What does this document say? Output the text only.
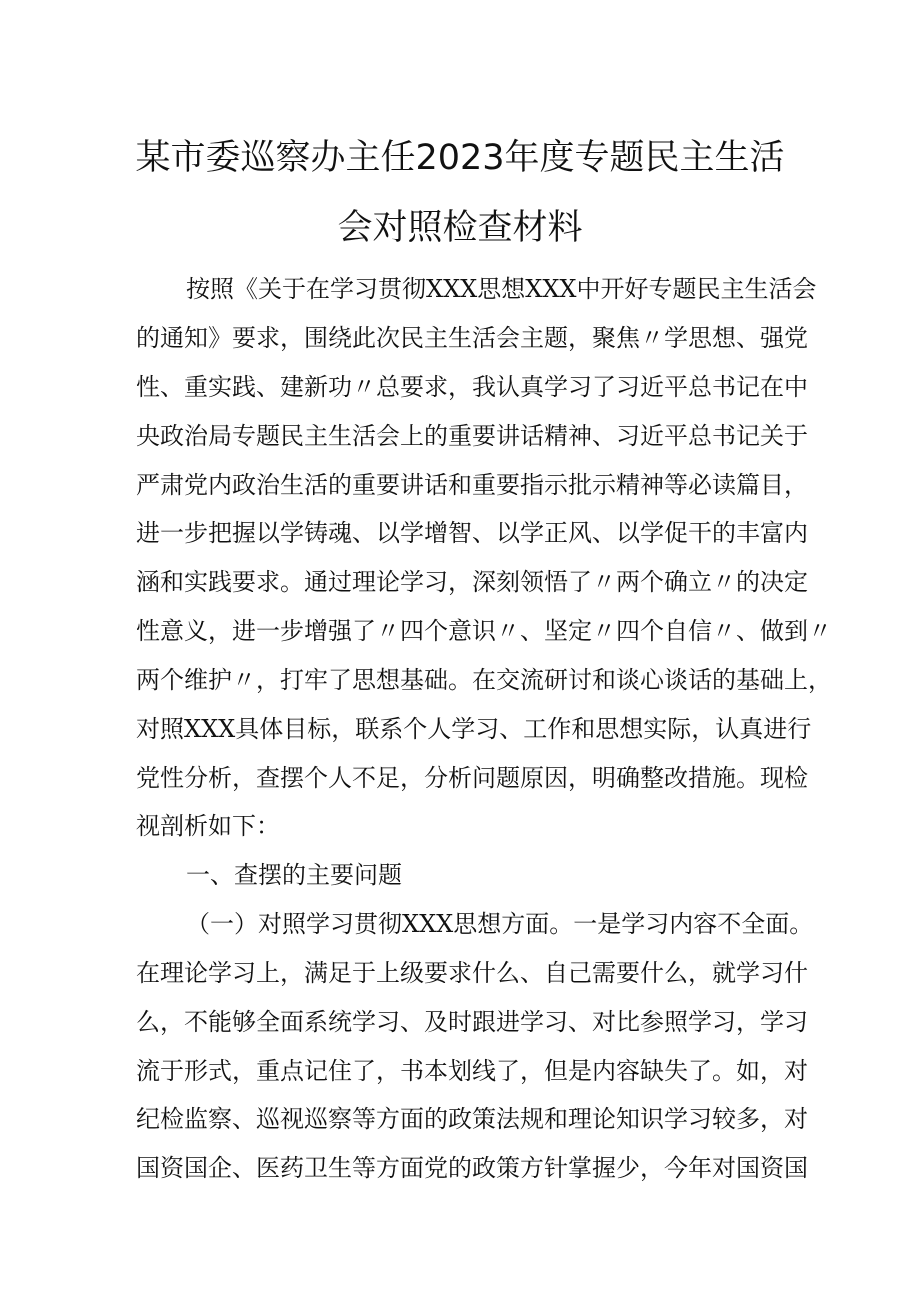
某市委巡察办主任2023年度专题民主生活
会对照检查材料
按照《关于在学习贯彻XXX思想XXX中开好专题民主生活会
的通知》要求，围绕此次民主生活会主题，聚焦〃学思想、强党
性、重实践、建新功〃总要求，我认真学习了习近平总书记在中
央政治局专题民主生活会上的重要讲话精神、习近平总书记关于
严肃党内政治生活的重要讲话和重要指示批示精神等必读篇目，
进一步把握以学铸魂、以学增智、以学正风、以学促干的丰富内
涵和实践要求。通过理论学习，深刻领悟了〃两个确立〃的决定
性意义，进一步增强了〃四个意识〃、坚定〃四个自信〃、做到〃
两个维护〃，打牢了思想基础。在交流研讨和谈心谈话的基础上，
对照XXX具体目标，联系个人学习、工作和思想实际，认真进行
党性分析，查摆个人不足，分析问题原因，明确整改措施。现检
视剖析如下：
一、查摆的主要问题
（一）对照学习贯彻XXX思想方面。一是学习内容不全面。
在理论学习上，满足于上级要求什么、自己需要什么，就学习什
么，不能够全面系统学习、及时跟进学习、对比参照学习，学习
流于形式，重点记住了，书本划线了，但是内容缺失了。如，对
纪检监察、巡视巡察等方面的政策法规和理论知识学习较多，对
国资国企、医药卫生等方面党的政策方针掌握少，今年对国资国
